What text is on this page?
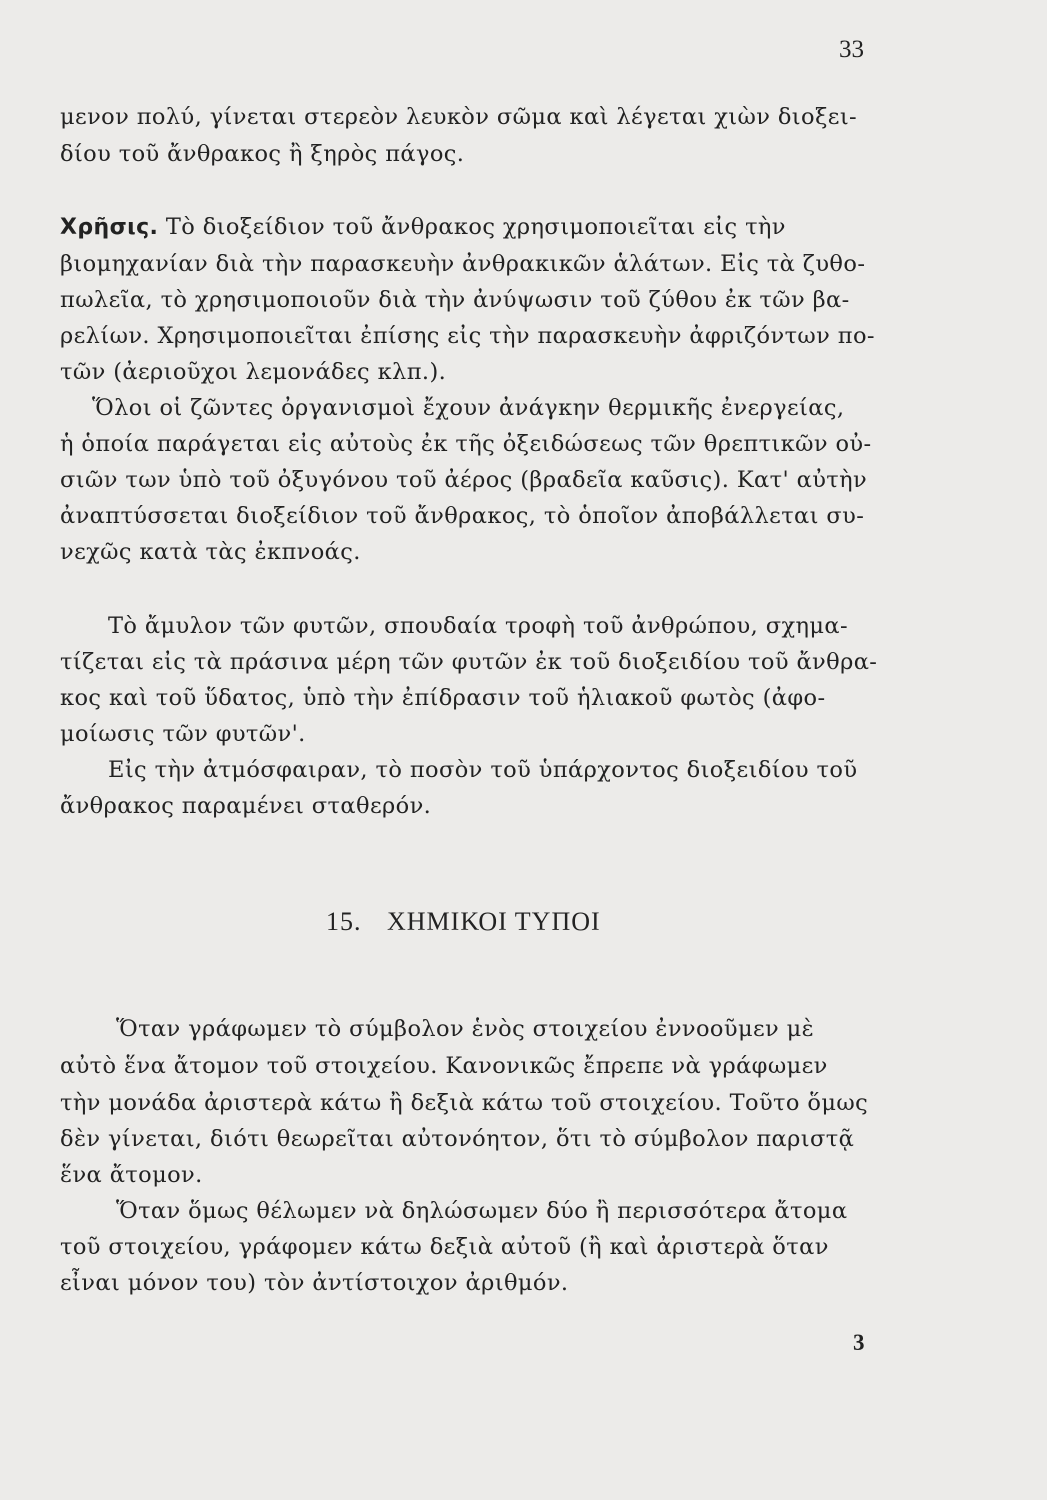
33
μενον πολύ, γίνεται στερεὸν λευκὸν σῶμα καὶ λέγεται χιὼν διοξει-
δίου τοῦ ἄνθρακος ἢ ξηρὸς πάγος.
Χρῆσις. Τὸ διοξείδιον τοῦ ἄνθρακος χρησιμοποιεῖται εἰς τὴν
βιομηχανίαν διὰ τὴν παρασκευὴν ἀνθρακικῶν ἁλάτων. Εἰς τὰ ζυθο-
πωλεῖα, τὸ χρησιμοποιοῦν διὰ τὴν ἀνύψωσιν τοῦ ζύθου ἐκ τῶν βα-
ρελίων. Χρησιμοποιεῖται ἐπίσης εἰς τὴν παρασκευὴν ἀφριζόντων πο-
τῶν (ἀεριοῦχοι λεμονάδες κλπ.).
Ὅλοι οἱ ζῶντες ὀργανισμοὶ ἔχουν ἀνάγκην θερμικῆς ἐνεργείας,
ἡ ὁποία παράγεται εἰς αὐτοὺς ἐκ τῆς ὀξειδώσεως τῶν θρεπτικῶν οὐ-
σιῶν των ὑπὸ τοῦ ὀξυγόνου τοῦ ἀέρος (βραδεῖα καῦσις). Κατ' αὐτὴν
ἀναπτύσσεται διοξείδιον τοῦ ἄνθρακος, τὸ ὁποῖον ἀποβάλλεται συ-
νεχῶς κατὰ τὰς ἐκπνοάς.
Τὸ ἄμυλον τῶν φυτῶν, σπουδαία τροφὴ τοῦ ἀνθρώπου, σχημα-
τίζεται εἰς τὰ πράσινα μέρη τῶν φυτῶν ἐκ τοῦ διοξειδίου τοῦ ἄνθρα-
κος καὶ τοῦ ὕδατος, ὑπὸ τὴν ἐπίδρασιν τοῦ ἡλιακοῦ φωτὸς (ἀφο-
μοίωσις τῶν φυτῶν'.
Εἰς τὴν ἀτμόσφαιραν, τὸ ποσὸν τοῦ ὑπάρχοντος διοξειδίου τοῦ
ἄνθρακος παραμένει σταθερόν.
15. ΧΗΜΙΚΟΙ ΤΥΠΟΙ
Ὅταν γράφωμεν τὸ σύμβολον ἑνὸς στοιχείου ἐννοοῦμεν μὲ
αὐτὸ ἕνα ἄτομον τοῦ στοιχείου. Κανονικῶς ἔπρεπε νὰ γράφωμεν
τὴν μονάδα ἀριστερὰ κάτω ἢ δεξιὰ κάτω τοῦ στοιχείου. Τοῦτο ὅμως
δὲν γίνεται, διότι θεωρεῖται αὐτονόητον, ὅτι τὸ σύμβολον παριστᾷ
ἕνα ἄτομον.
Ὅταν ὅμως θέλωμεν νὰ δηλώσωμεν δύο ἢ περισσότερα ἄτομα
τοῦ στοιχείου, γράφομεν κάτω δεξιὰ αὐτοῦ (ἢ καὶ ἀριστερὰ ὅταν
εἶναι μόνον του) τὸν ἀντίστοιχον ἀριθμόν.
3
